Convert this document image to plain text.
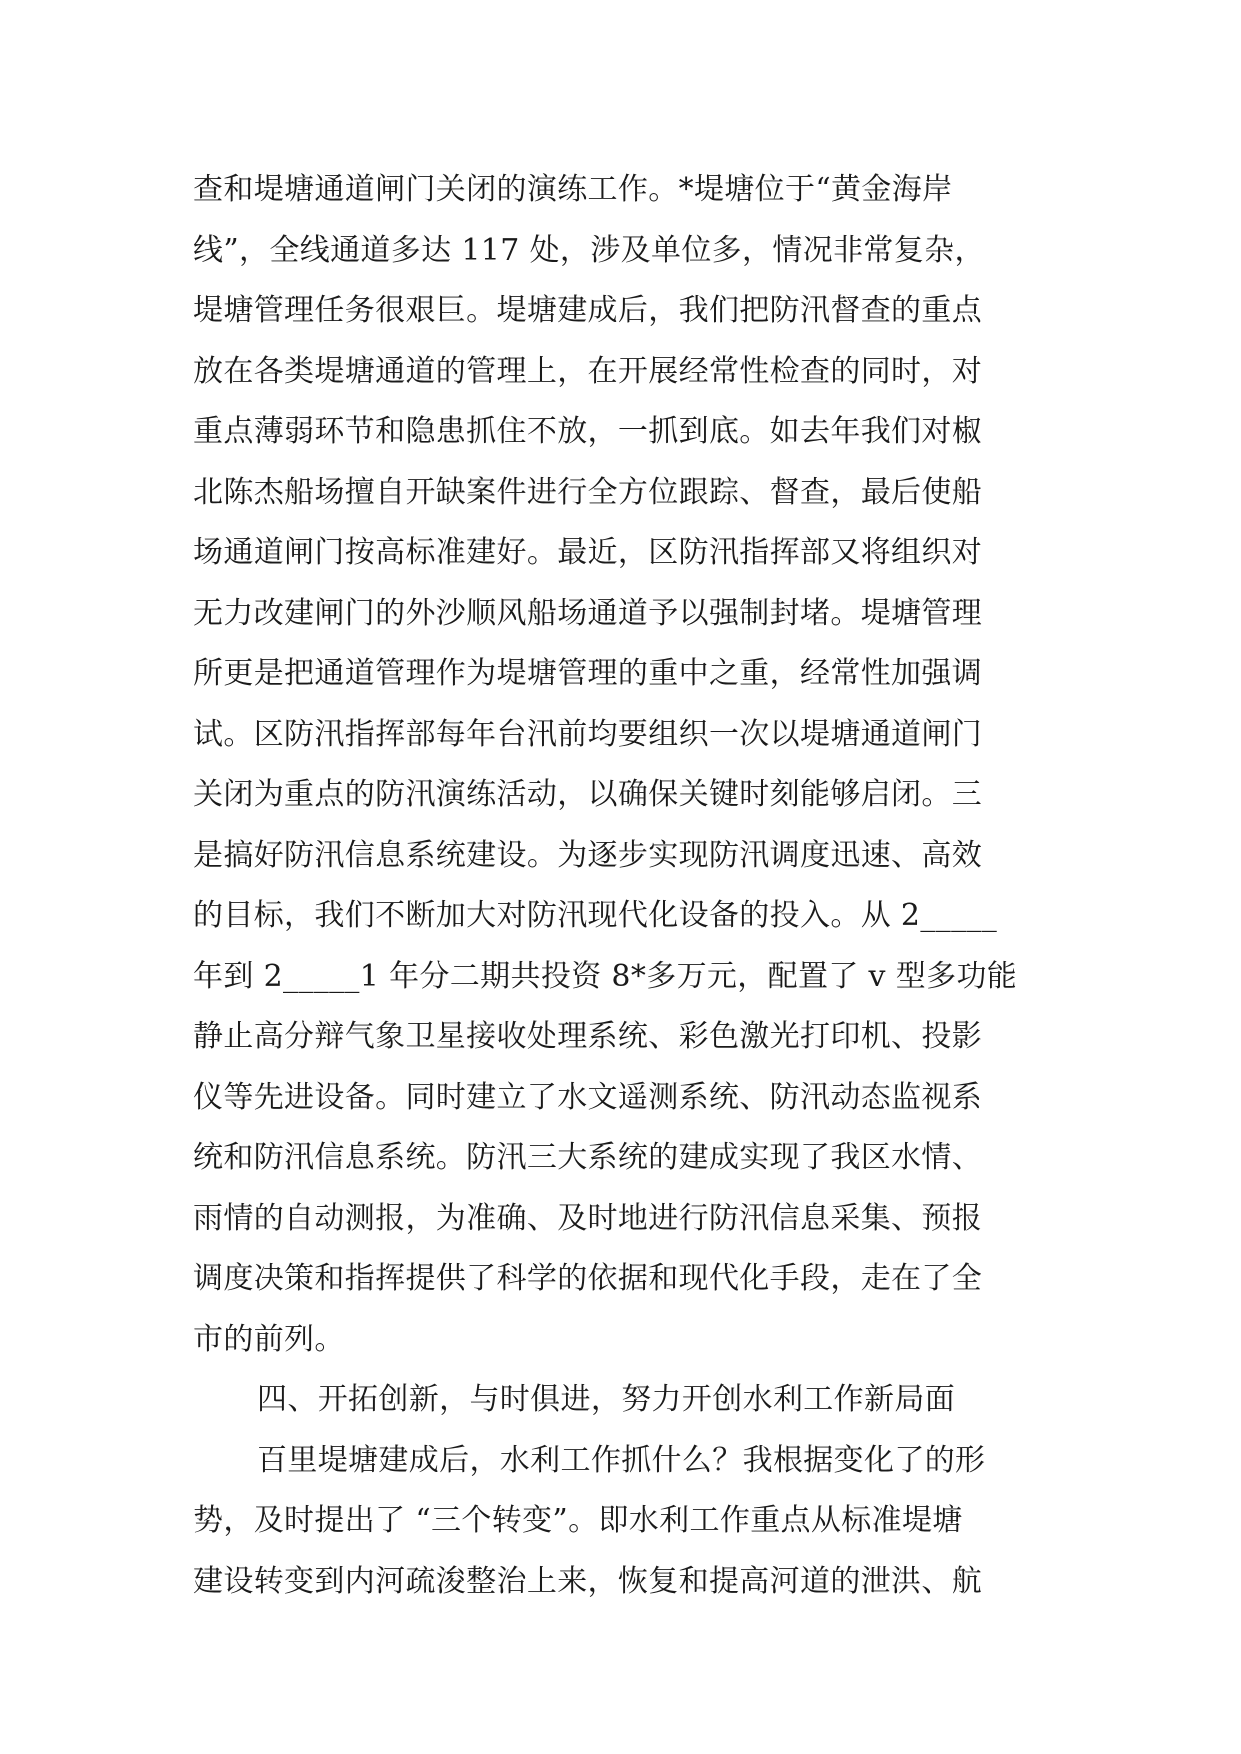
查和堤塘通道闸门关闭的演练工作。*堤塘位于“黄金海岸
线”，全线通道多达 117 处，涉及单位多，情况非常复杂，
堤塘管理任务很艰巨。堤塘建成后，我们把防汛督查的重点
放在各类堤塘通道的管理上，在开展经常性检查的同时，对
重点薄弱环节和隐患抓住不放，一抓到底。如去年我们对椒
北陈杰船场擅自开缺案件进行全方位跟踪、督查，最后使船
场通道闸门按高标准建好。最近，区防汛指挥部又将组织对
无力改建闸门的外沙顺风船场通道予以强制封堵。堤塘管理
所更是把通道管理作为堤塘管理的重中之重，经常性加强调
试。区防汛指挥部每年台汛前均要组织一次以堤塘通道闸门
关闭为重点的防汛演练活动，以确保关键时刻能够启闭。三
是搞好防汛信息系统建设。为逐步实现防汛调度迅速、高效
的目标，我们不断加大对防汛现代化设备的投入。从 2_____
年到 2_____1 年分二期共投资 8*多万元，配置了 v 型多功能
静止高分辩气象卫星接收处理系统、彩色激光打印机、投影
仪等先进设备。同时建立了水文遥测系统、防汛动态监视系
统和防汛信息系统。防汛三大系统的建成实现了我区水情、
雨情的自动测报，为准确、及时地进行防汛信息采集、预报
调度决策和指挥提供了科学的依据和现代化手段，走在了全
市的前列。
四、开拓创新，与时俱进，努力开创水利工作新局面
百里堤塘建成后，水利工作抓什么？我根据变化了的形
势，及时提出了 “三个转变”。即水利工作重点从标准堤塘
建设转变到内河疏浚整治上来，恢复和提高河道的泄洪、航
